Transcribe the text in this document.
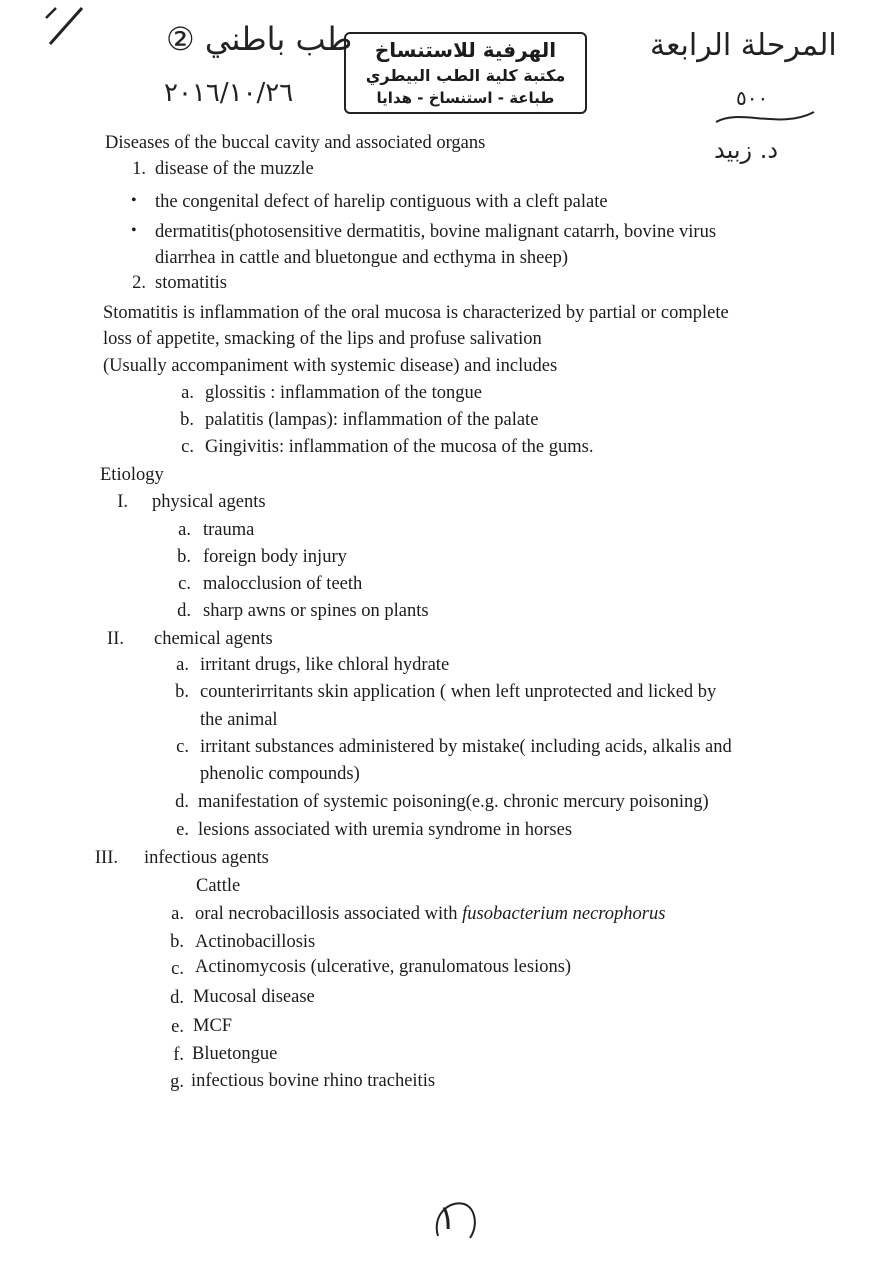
طب باطني ②
٢٠١٦/١٠/٢٦
الهرفية للاستنساخ
مكتبة كلية الطب البيطري
طباعة - استنساخ - هدايا
المرحلة الرابعة
٥٠٠
د. زبيد
Diseases of the buccal cavity and associated organs
1. disease of the muzzle
• the congenital defect of harelip contiguous with a cleft palate
• dermatitis(photosensitive dermatitis, bovine malignant catarrh, bovine virus
diarrhea in cattle and bluetongue and ecthyma in sheep)
2. stomatitis
Stomatitis is inflammation of the oral mucosa is characterized by partial or complete
loss of appetite, smacking of the lips and profuse salivation
(Usually accompaniment with systemic disease) and includes
a. glossitis : inflammation of the tongue
b. palatitis (lampas): inflammation of the palate
c. Gingivitis: inflammation of the mucosa of the gums.
Etiology
I. physical agents
a. trauma
b. foreign body injury
c. malocclusion of teeth
d. sharp awns or spines on plants
II. chemical agents
a. irritant drugs, like chloral hydrate
b. counterirritants skin application ( when left unprotected and licked by
the animal
c. irritant substances administered by mistake( including acids, alkalis and
phenolic compounds)
d. manifestation of systemic poisoning(e.g. chronic mercury poisoning)
e. lesions associated with uremia syndrome in horses
III. infectious agents
Cattle
a. oral necrobacillosis associated with fusobacterium necrophorus
b. Actinobacillosis
c. Actinomycosis (ulcerative, granulomatous lesions)
d. Mucosal disease
e. MCF
f. Bluetongue
g. infectious bovine rhino tracheitis
١
